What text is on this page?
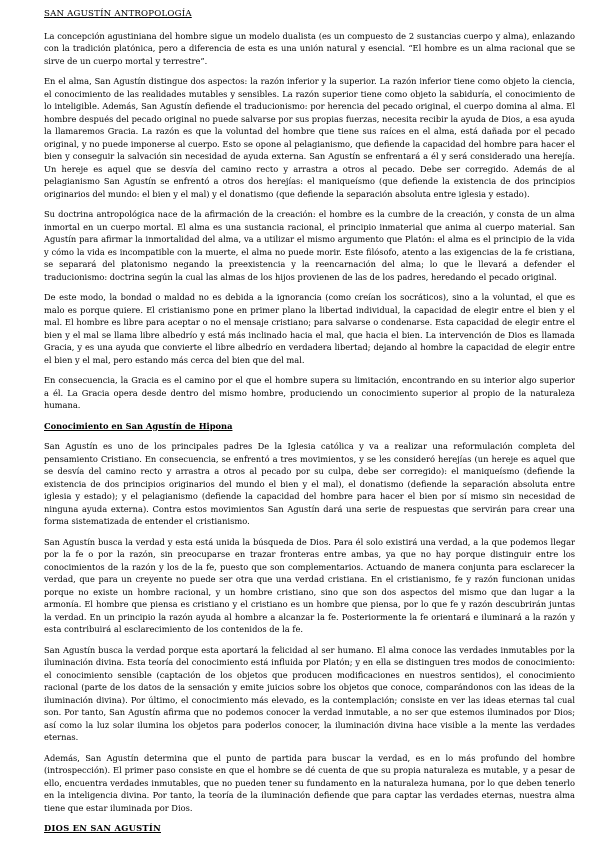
SAN AGUSTÍN ANTROPOLOGÍA

La concepción agustiniana del hombre sigue un modelo dualista (es un compuesto de 2 sustancias cuerpo y alma), enlazando con la tradición platónica, pero a diferencia de esta es una unión natural y esencial. “El hombre es un alma racional que se sirve de un cuerpo mortal y terrestre”.

En el alma, San Agustín distingue dos aspectos: la razón inferior y la superior. La razón inferior tiene como objeto la ciencia, el conocimiento de las realidades mutables y sensibles. La razón superior tiene como objeto la sabiduría, el conocimiento de lo inteligible. Además, San Agustín defiende el traducionismo: por herencia del pecado original, el cuerpo domina al alma. El hombre después del pecado original no puede salvarse por sus propias fuerzas, necesita recibir la ayuda de Dios, a esa ayuda la llamaremos Gracia. La razón es que la voluntad del hombre que tiene sus raíces en el alma, está dañada por el pecado original, y no puede imponerse al cuerpo. Esto se opone al pelagianismo, que defiende la capacidad del hombre para hacer el bien y conseguir la salvación sin necesidad de ayuda externa. San Agustín se enfrentará a él y será considerado una herejía. Un hereje es aquel que se desvía del camino recto y arrastra a otros al pecado. Debe ser corregido. Además de al pelagianismo San Agustín se enfrentó a otros dos herejías: el maniqueísmo (que defiende la existencia de dos principios originarios del mundo: el bien y el mal) y el donatismo (que defiende la separación absoluta entre iglesia y estado).

Su doctrina antropológica nace de la afirmación de la creación: el hombre es la cumbre de la creación, y consta de un alma inmortal en un cuerpo mortal. El alma es una sustancia racional, el principio inmaterial que anima al cuerpo material. San Agustín para afirmar la inmortalidad del alma, va a utilizar el mismo argumento que Platón: el alma es el principio de la vida y cómo la vida es incompatible con la muerte, el alma no puede morir. Este filósofo, atento a las exigencias de la fe cristiana, se separará del platonismo negando la preexistencia y la reencarnación del alma; lo que le llevará a defender el traducionismo: doctrina según la cual las almas de los hijos provienen de las de los padres, heredando el pecado original.

De este modo, la bondad o maldad no es debida a la ignorancia (como creían los socráticos), sino a la voluntad, el que es malo es porque quiere. El cristianismo pone en primer plano la libertad individual, la capacidad de elegir entre el bien y el mal. El hombre es libre para aceptar o no el mensaje cristiano; para salvarse o condenarse. Esta capacidad de elegir entre el bien y el mal se llama libre albedrío y está más inclinado hacia el mal, que hacia el bien. La intervención de Dios es llamada Gracia, y es una ayuda que convierte el libre albedrío en verdadera libertad; dejando al hombre la capacidad de elegir entre el bien y el mal, pero estando más cerca del bien que del mal.

En consecuencia, la Gracia es el camino por el que el hombre supera su limitación, encontrando en su interior algo superior a él. La Gracia opera desde dentro del mismo hombre, produciendo un conocimiento superior al propio de la naturaleza humana.

Conocimiento en San Agustín de Hipona

San Agustín es uno de los principales padres De la Iglesia católica y va a realizar una reformulación completa del pensamiento Cristiano. En consecuencia, se enfrentó a tres movimientos, y se les consideró herejías (un hereje es aquel que se desvía del camino recto y arrastra a otros al pecado por su culpa, debe ser corregido): el maniqueísmo (defiende la existencia de dos principios originarios del mundo el bien y el mal), el donatismo (defiende la separación absoluta entre iglesia y estado); y el pelagianismo (defiende la capacidad del hombre para hacer el bien por sí mismo sin necesidad de ninguna ayuda externa). Contra estos movimientos San Agustín dará una serie de respuestas que servirán para crear una forma sistematizada de entender el cristianismo.

San Agustín busca la verdad y esta está unida la búsqueda de Dios. Para él solo existirá una verdad, a la que podemos llegar por la fe o por la razón, sin preocuparse en trazar fronteras entre ambas, ya que no hay porque distinguir entre los conocimientos de la razón y los de la fe, puesto que son complementarios. Actuando de manera conjunta para esclarecer la verdad, que para un creyente no puede ser otra que una verdad cristiana. En el cristianismo, fe y razón funcionan unidas porque no existe un hombre racional, y un hombre cristiano, sino que son dos aspectos del mismo que dan lugar a la armonía. El hombre que piensa es cristiano y el cristiano es un hombre que piensa, por lo que fe y razón descubrirán juntas la verdad. En un principio la razón ayuda al hombre a alcanzar la fe. Posteriormente la fe orientará e iluminará a la razón y esta contribuirá al esclarecimiento de los contenidos de la fe.

San Agustín busca la verdad porque esta aportará la felicidad al ser humano. El alma conoce las verdades inmutables por la iluminación divina. Esta teoría del conocimiento está influida por Platón; y en ella se distinguen tres modos de conocimiento: el conocimiento sensible (captación de los objetos que producen modificaciones en nuestros sentidos), el conocimiento racional (parte de los datos de la sensación y emite juicios sobre los objetos que conoce, comparándonos con las ideas de la iluminación divina). Por último, el conocimiento más elevado, es la contemplación; consiste en ver las ideas eternas tal cual son. Por tanto, San Agustín afirma que no podemos conocer la verdad inmutable, a no ser que estemos iluminados por Dios; así como la luz solar ilumina los objetos para poderlos conocer, la iluminación divina hace visible a la mente las verdades eternas.

Además, San Agustín determina que el punto de partida para buscar la verdad, es en lo más profundo del hombre (introspección). El primer paso consiste en que el hombre se dé cuenta de que su propia naturaleza es mutable, y a pesar de ello, encuentra verdades inmutables, que no pueden tener su fundamento en la naturaleza humana, por lo que deben tenerlo en la inteligencia divina. Por tanto, la teoría de la iluminación defiende que para captar las verdades eternas, nuestra alma tiene que estar iluminada por Dios.

DIOS EN SAN AGUSTÍN
